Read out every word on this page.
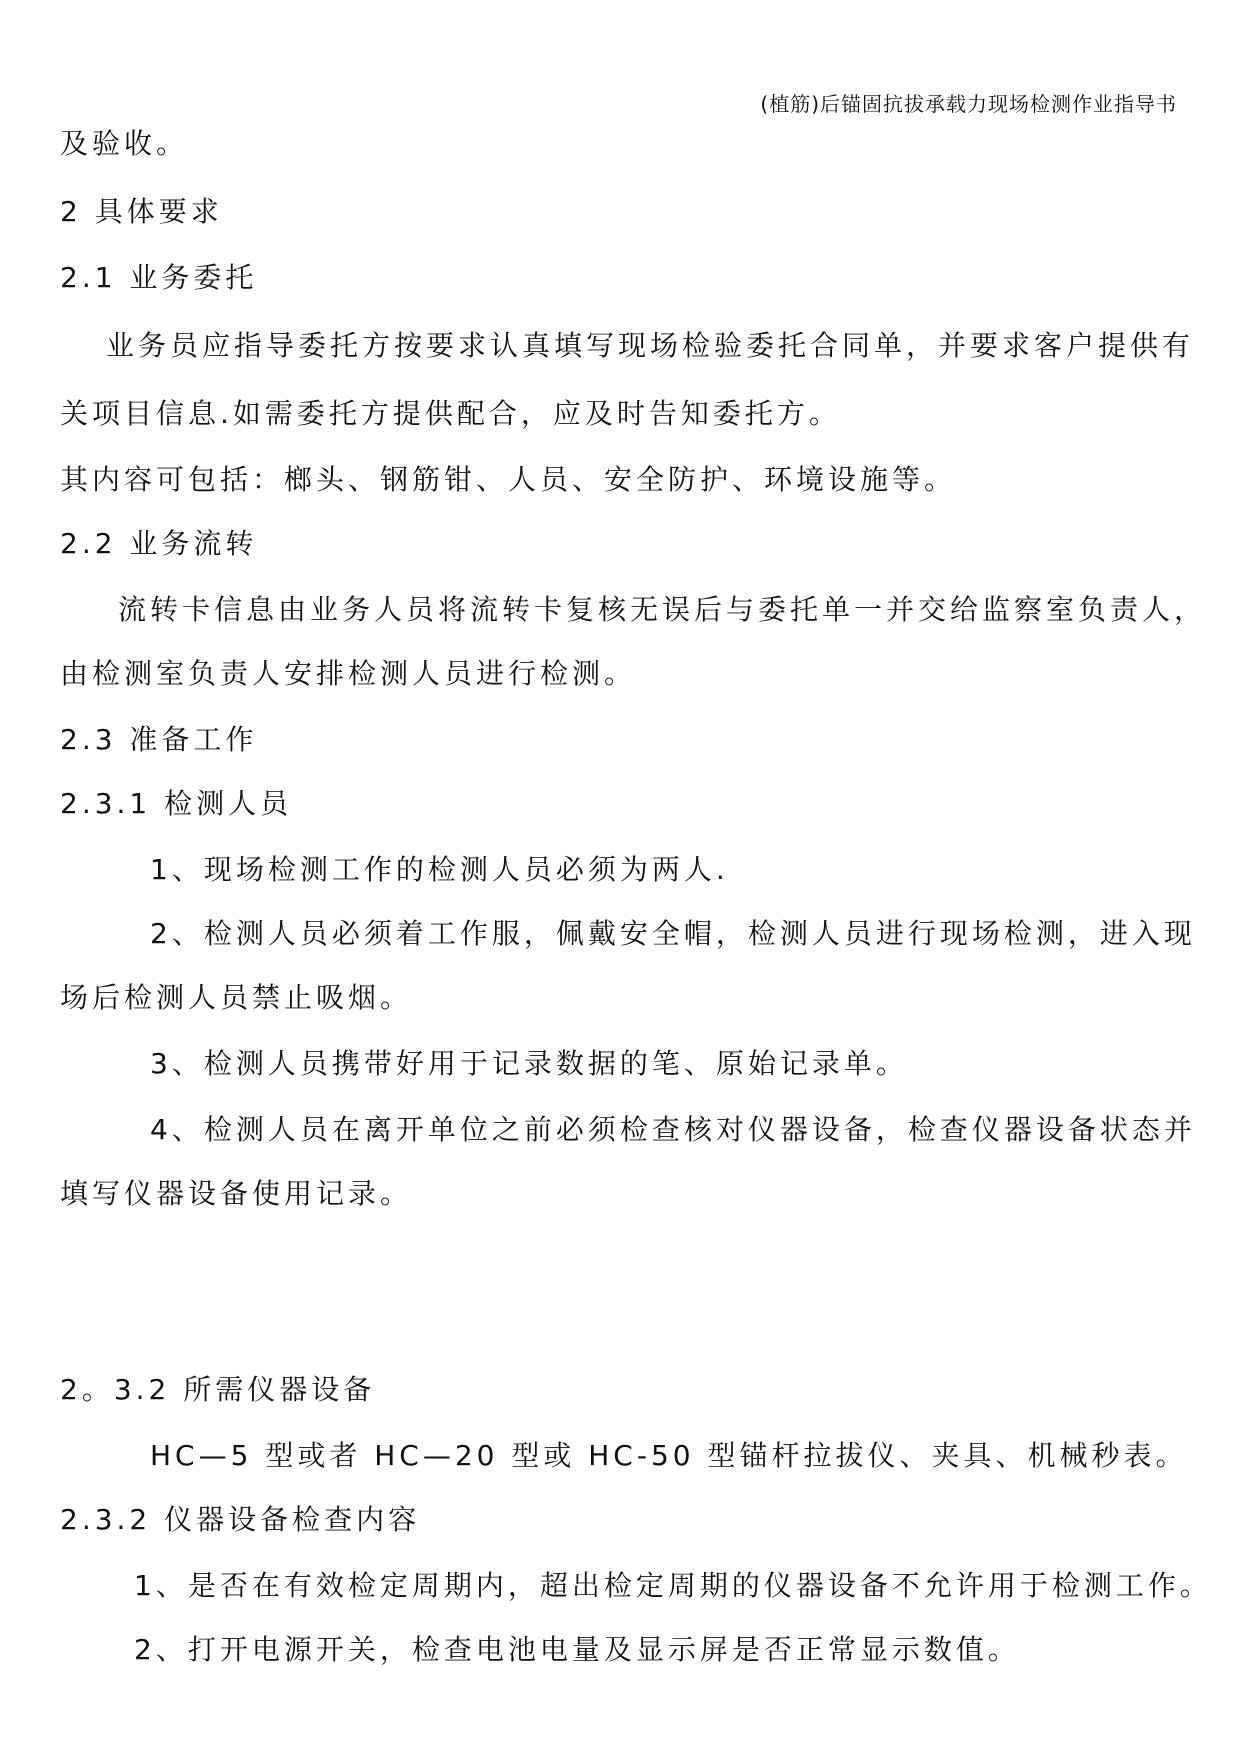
(植筋)后锚固抗拔承载力现场检测作业指导书
及验收。
2 具体要求
2.1 业务委托
业务员应指导委托方按要求认真填写现场检验委托合同单，并要求客户提供有
关项目信息.如需委托方提供配合，应及时告知委托方。
其内容可包括：榔头、钢筋钳、人员、安全防护、环境设施等。
2.2 业务流转
流转卡信息由业务人员将流转卡复核无误后与委托单一并交给监察室负责人，
由检测室负责人安排检测人员进行检测。
2.3 准备工作
2.3.1 检测人员
1、现场检测工作的检测人员必须为两人.
2、检测人员必须着工作服，佩戴安全帽，检测人员进行现场检测，进入现
场后检测人员禁止吸烟。
3、检测人员携带好用于记录数据的笔、原始记录单。
4、检测人员在离开单位之前必须检查核对仪器设备，检查仪器设备状态并
填写仪器设备使用记录。
2。3.2 所需仪器设备
HC—5 型或者 HC—20 型或 HC-50 型锚杆拉拔仪、夹具、机械秒表。
2.3.2 仪器设备检查内容
1、是否在有效检定周期内，超出检定周期的仪器设备不允许用于检测工作。
2、打开电源开关，检查电池电量及显示屏是否正常显示数值。
